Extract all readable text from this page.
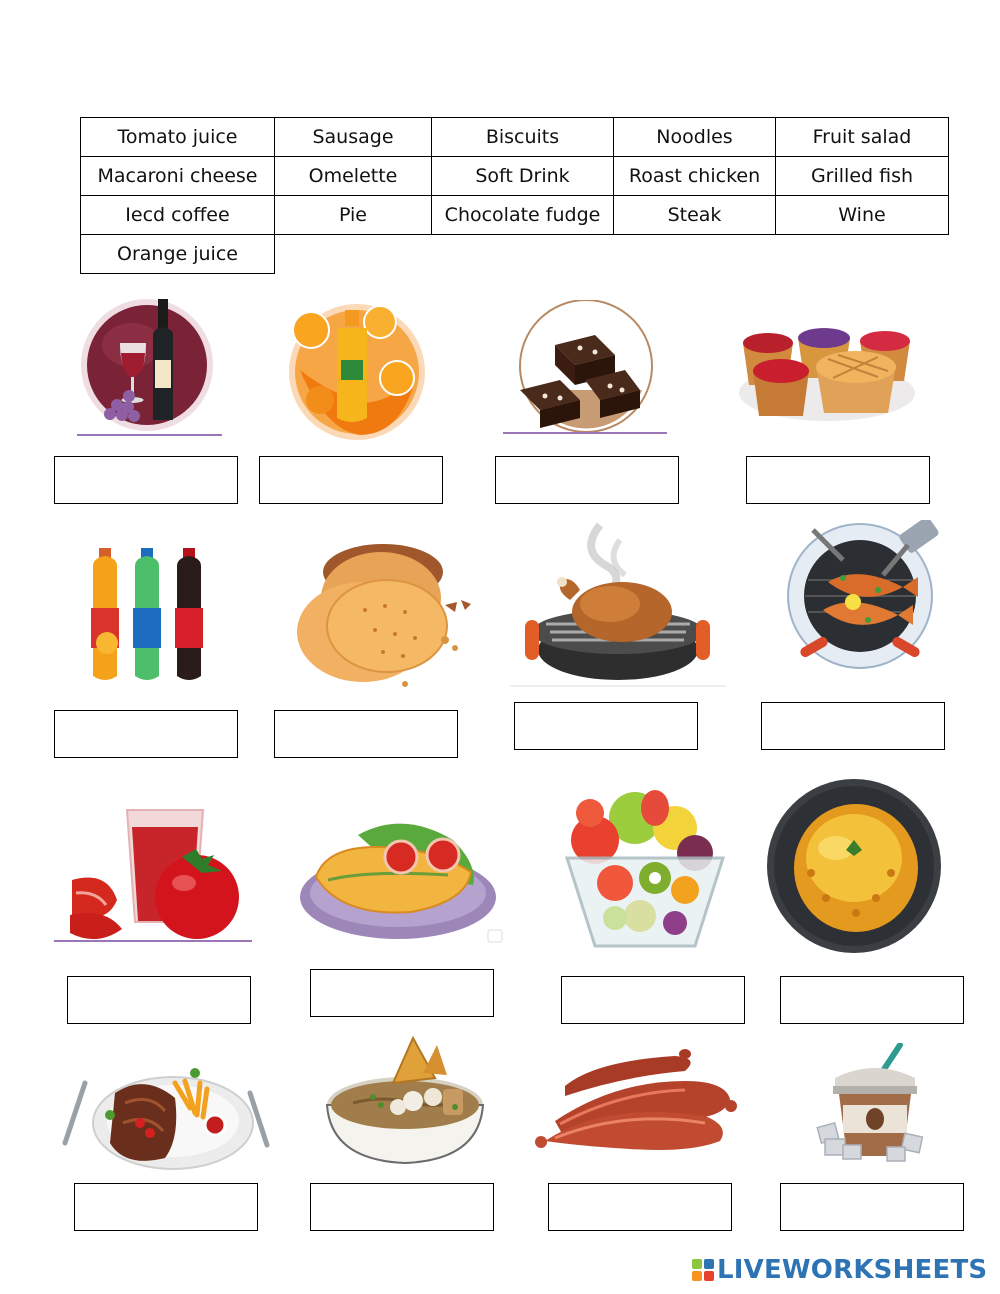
Tomato juice	Sausage	Biscuits	Noodles	Fruit salad
Macaroni cheese	Omelette	Soft Drink	Roast chicken	Grilled fish
Iecd coffee	Pie	Chocolate fudge	Steak	Wine
Orange juice				
LIVEWORKSHEETS
